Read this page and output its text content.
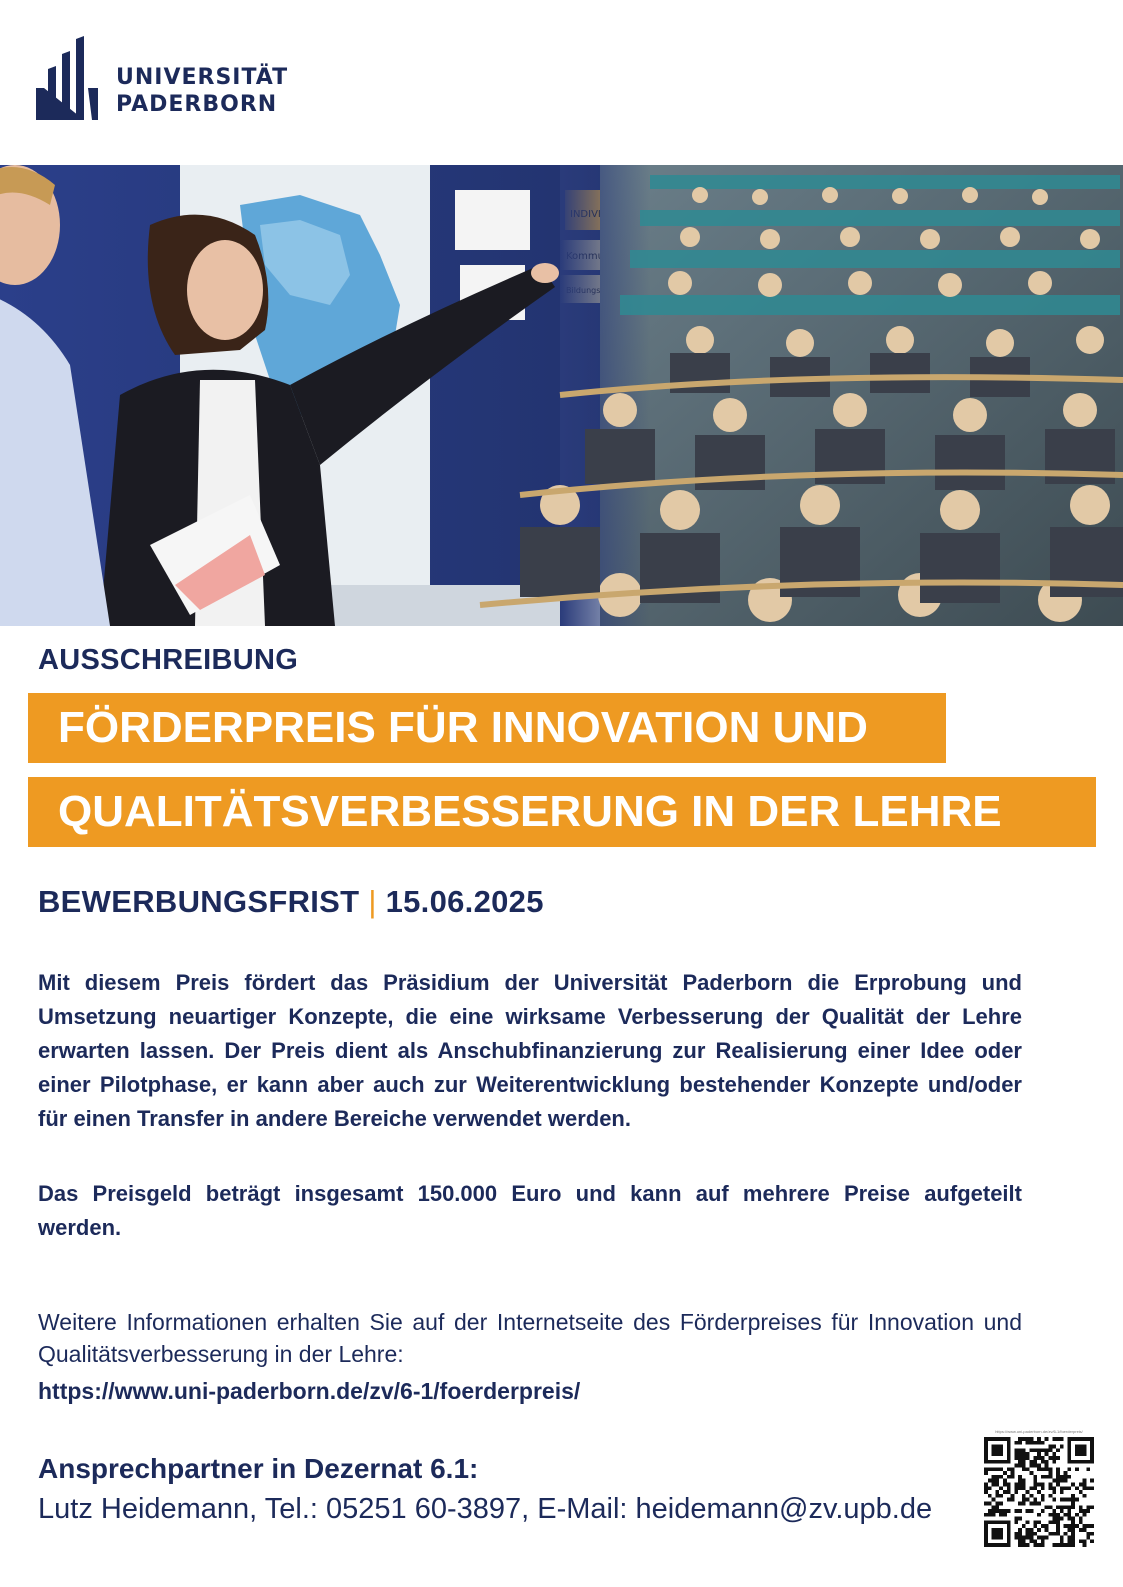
UNIVERSITÄT
PADERBORN
AUSSCHREIBUNG
FÖRDERPREIS FÜR INNOVATION UND
QUALITÄTSVERBESSERUNG IN DER LEHRE
BEWERBUNGSFRIST | 15.06.2025
Mit diesem Preis fördert das Präsidium der Universität Paderborn die Erprobung und Umsetzung neuartiger Konzepte, die eine wirksame Verbesserung der Qualität der Lehre erwarten lassen. Der Preis dient als Anschubfinanzierung zur Realisierung einer Idee oder einer Pilotphase, er kann aber auch zur Weiterentwicklung bestehender Konzepte und/oder für einen Transfer in andere Bereiche verwendet werden.
Das Preisgeld beträgt insgesamt 150.000 Euro und kann auf mehrere Preise aufgeteilt werden.
Weitere Informationen erhalten Sie auf der Internetseite des Förderpreises für Innovation und Qualitätsverbesserung in der Lehre:
https://www.uni-paderborn.de/zv/6-1/foerderpreis/
Ansprechpartner in Dezernat 6.1:
Lutz Heidemann, Tel.: 05251 60-3897, E-Mail: heidemann@zv.upb.de
https://www.uni-paderborn.de/zv/6-1/foerderpreis/
